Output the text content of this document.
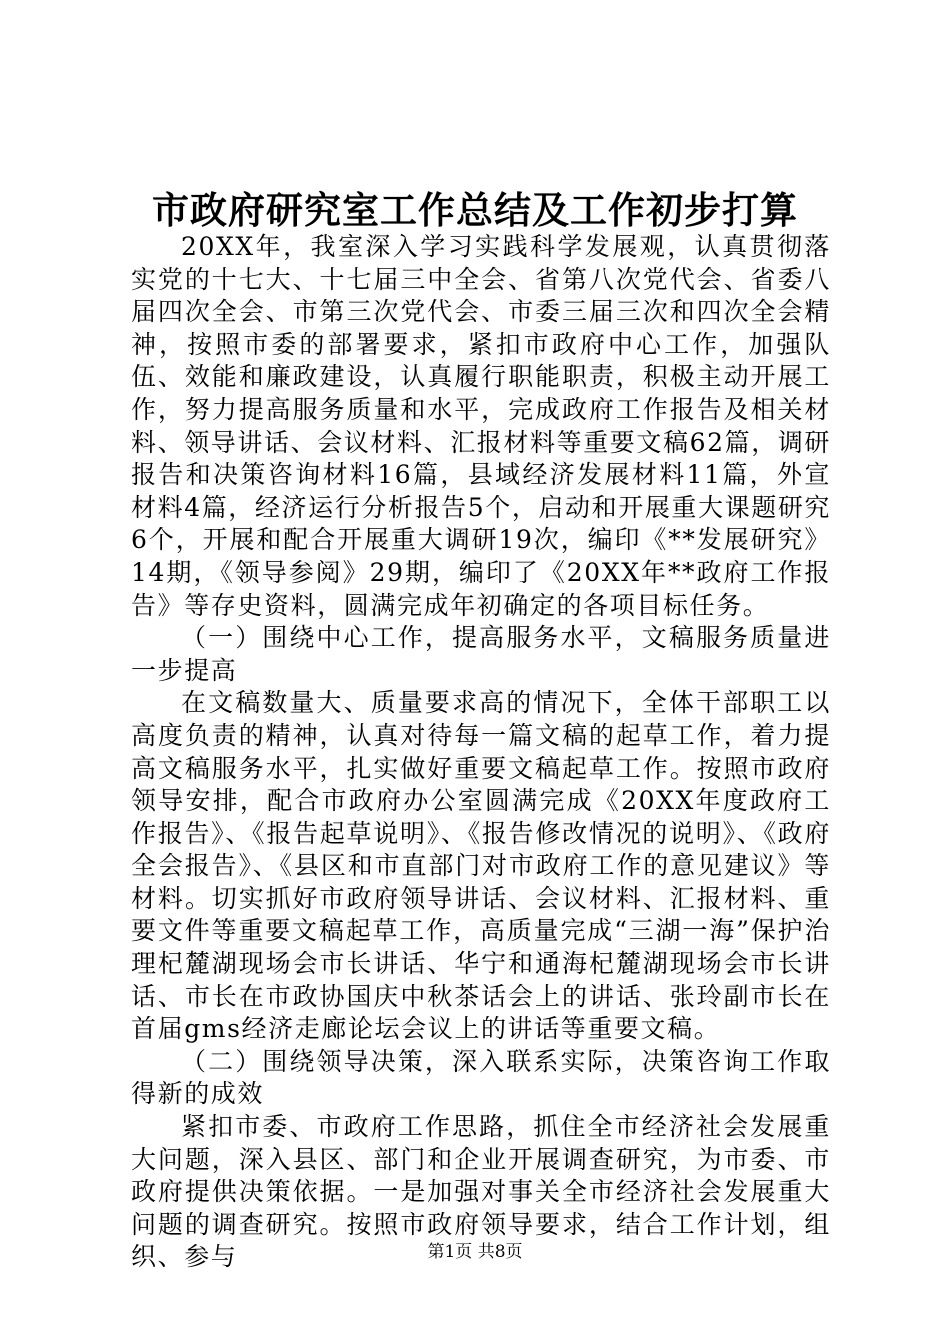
市政府研究室工作总结及工作初步打算

20XX年，我室深入学习实践科学发展观，认真贯彻落实党的十七大、十七届三中全会、省第八次党代会、省委八届四次全会、市第三次党代会、市委三届三次和四次全会精神，按照市委的部署要求，紧扣市政府中心工作，加强队伍、效能和廉政建设，认真履行职能职责，积极主动开展工作，努力提高服务质量和水平，完成政府工作报告及相关材料、领导讲话、会议材料、汇报材料等重要文稿62篇，调研报告和决策咨询材料16篇，县域经济发展材料11篇，外宣材料4篇，经济运行分析报告5个，启动和开展重大课题研究6个，开展和配合开展重大调研19次，编印《**发展研究》14期，《领导参阅》29期，编印了《20XX年**政府工作报告》等存史资料，圆满完成年初确定的各项目标任务。

（一）围绕中心工作，提高服务水平，文稿服务质量进一步提高

在文稿数量大、质量要求高的情况下，全体干部职工以高度负责的精神，认真对待每一篇文稿的起草工作，着力提高文稿服务水平，扎实做好重要文稿起草工作。按照市政府领导安排，配合市政府办公室圆满完成《20XX年度政府工作报告》、《报告起草说明》、《报告修改情况的说明》、《政府全会报告》、《县区和市直部门对市政府工作的意见建议》等材料。切实抓好市政府领导讲话、会议材料、汇报材料、重要文件等重要文稿起草工作，高质量完成“三湖一海”保护治理杞麓湖现场会市长讲话、华宁和通海杞麓湖现场会市长讲话、市长在市政协国庆中秋茶话会上的讲话、张玲副市长在首届gms经济走廊论坛会议上的讲话等重要文稿。

（二）围绕领导决策，深入联系实际，决策咨询工作取得新的成效

紧扣市委、市政府工作思路，抓住全市经济社会发展重大问题，深入县区、部门和企业开展调查研究，为市委、市政府提供决策依据。一是加强对事关全市经济社会发展重大问题的调查研究。按照市政府领导要求，结合工作计划，组织、参与	第1页 共8页
